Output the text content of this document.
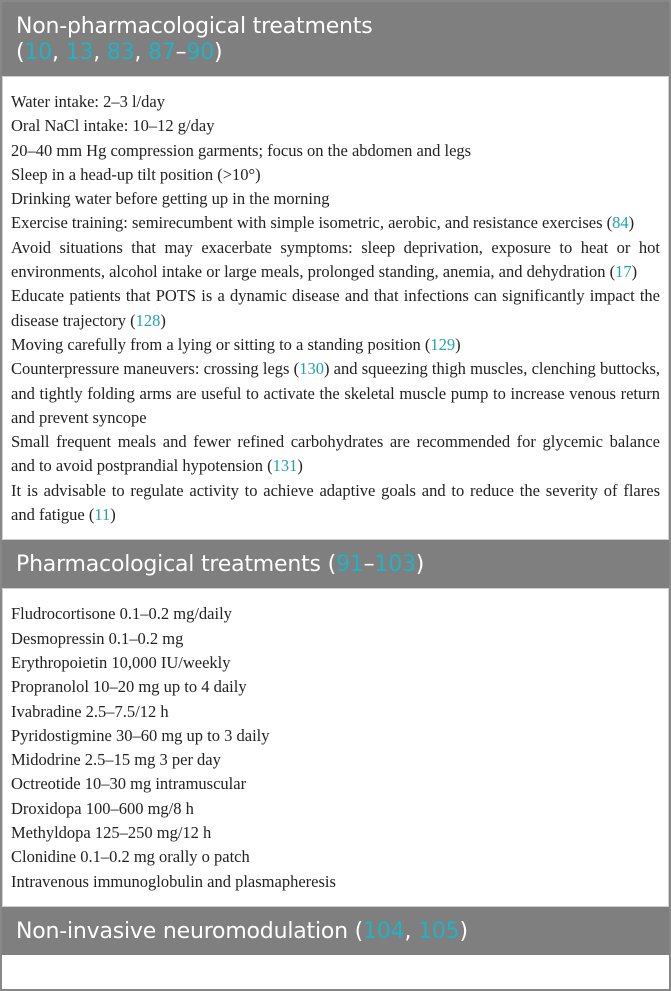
Non-pharmacological treatments
(10, 13, 83, 87–90)
Water intake: 2–3 l/day
Oral NaCl intake: 10–12 g/day
20–40 mm Hg compression garments; focus on the abdomen and legs
Sleep in a head-up tilt position (>10°)
Drinking water before getting up in the morning
Exercise training: semirecumbent with simple isometric, aerobic, and resistance exercises (84)
Avoid situations that may exacerbate symptoms: sleep deprivation, exposure to heat or hot environments, alcohol intake or large meals, prolonged standing, anemia, and dehydration (17)
Educate patients that POTS is a dynamic disease and that infections can significantly impact the disease trajectory (128)
Moving carefully from a lying or sitting to a standing position (129)
Counterpressure maneuvers: crossing legs (130) and squeezing thigh muscles, clenching buttocks, and tightly folding arms are useful to activate the skeletal muscle pump to increase venous return and prevent syncope
Small frequent meals and fewer refined carbohydrates are recommended for glycemic balance and to avoid postprandial hypotension (131)
It is advisable to regulate activity to achieve adaptive goals and to reduce the severity of flares and fatigue (11)
Pharmacological treatments (91–103)
Fludrocortisone 0.1–0.2 mg/daily
Desmopressin 0.1–0.2 mg
Erythropoietin 10,000 IU/weekly
Propranolol 10–20 mg up to 4 daily
Ivabradine 2.5–7.5/12 h
Pyridostigmine 30–60 mg up to 3 daily
Midodrine 2.5–15 mg 3 per day
Octreotide 10–30 mg intramuscular
Droxidopa 100–600 mg/8 h
Methyldopa 125–250 mg/12 h
Clonidine 0.1–0.2 mg orally o patch
Intravenous immunoglobulin and plasmapheresis
Non-invasive neuromodulation (104, 105)
